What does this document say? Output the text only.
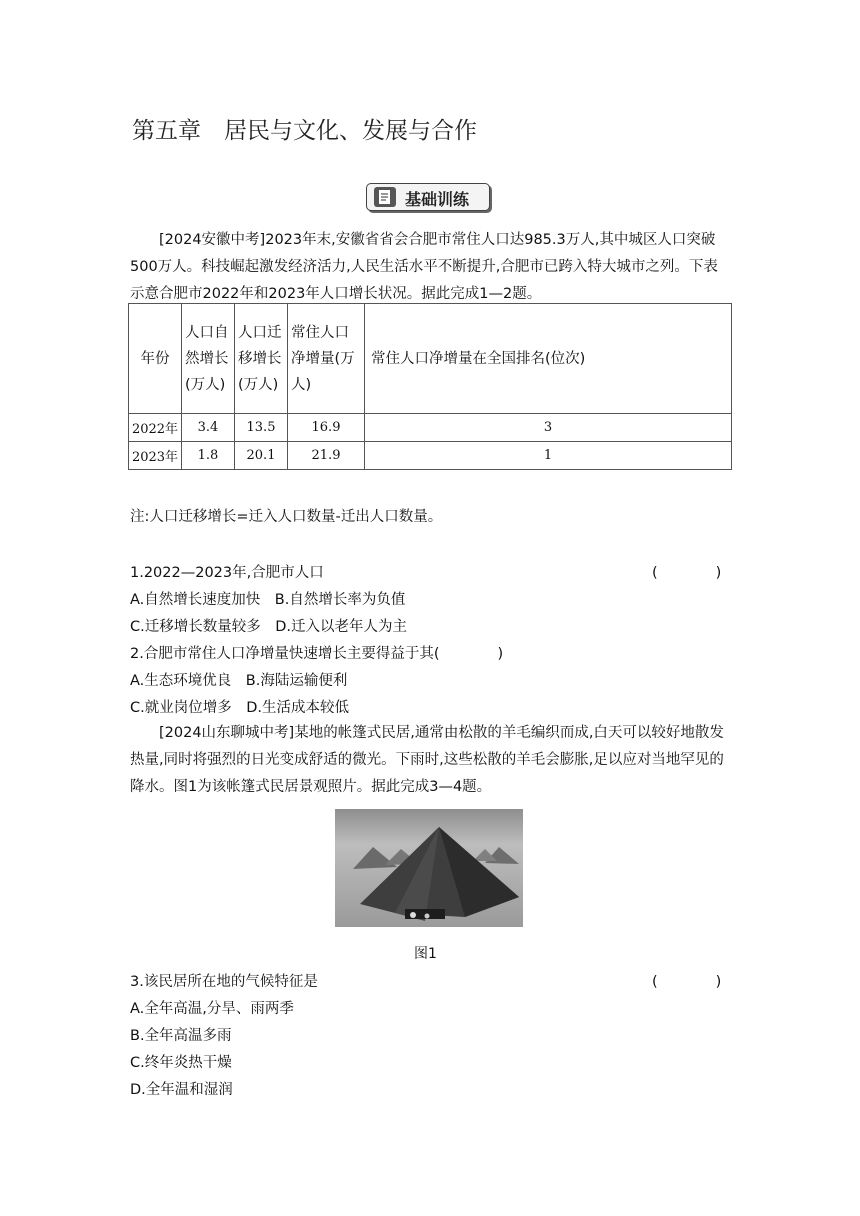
第五章　居民与文化、发展与合作
基础训练
[2024安徽中考]2023年末,安徽省省会合肥市常住人口达985.3万人,其中城区人口突破500万人。科技崛起激发经济活力,人民生活水平不断提升,合肥市已跨入特大城市之列。下表示意合肥市2022年和2023年人口增长状况。据此完成1—2题。
年份	人口自然增长(万人)	人口迁移增长(万人)	常住人口净增量(万人)	常住人口净增量在全国排名(位次)
2022年	3.4	13.5	16.9	3
2023年	1.8	20.1	21.9	1
注:人口迁移增长=迁入人口数量-迁出人口数量。
1.2022—2023年,合肥市人口	(　　　　)
A.自然增长速度加快　B.自然增长率为负值
C.迁移增长数量较多　D.迁入以老年人为主
2.合肥市常住人口净增量快速增长主要得益于其(　　　　)
A.生态环境优良　B.海陆运输便利
C.就业岗位增多　D.生活成本较低
[2024山东聊城中考]某地的帐篷式民居,通常由松散的羊毛编织而成,白天可以较好地散发热量,同时将强烈的日光变成舒适的微光。下雨时,这些松散的羊毛会膨胀,足以应对当地罕见的降水。图1为该帐篷式民居景观照片。据此完成3—4题。
图1
3.该民居所在地的气候特征是	(　　　　)
A.全年高温,分旱、雨两季
B.全年高温多雨
C.终年炎热干燥
D.全年温和湿润
